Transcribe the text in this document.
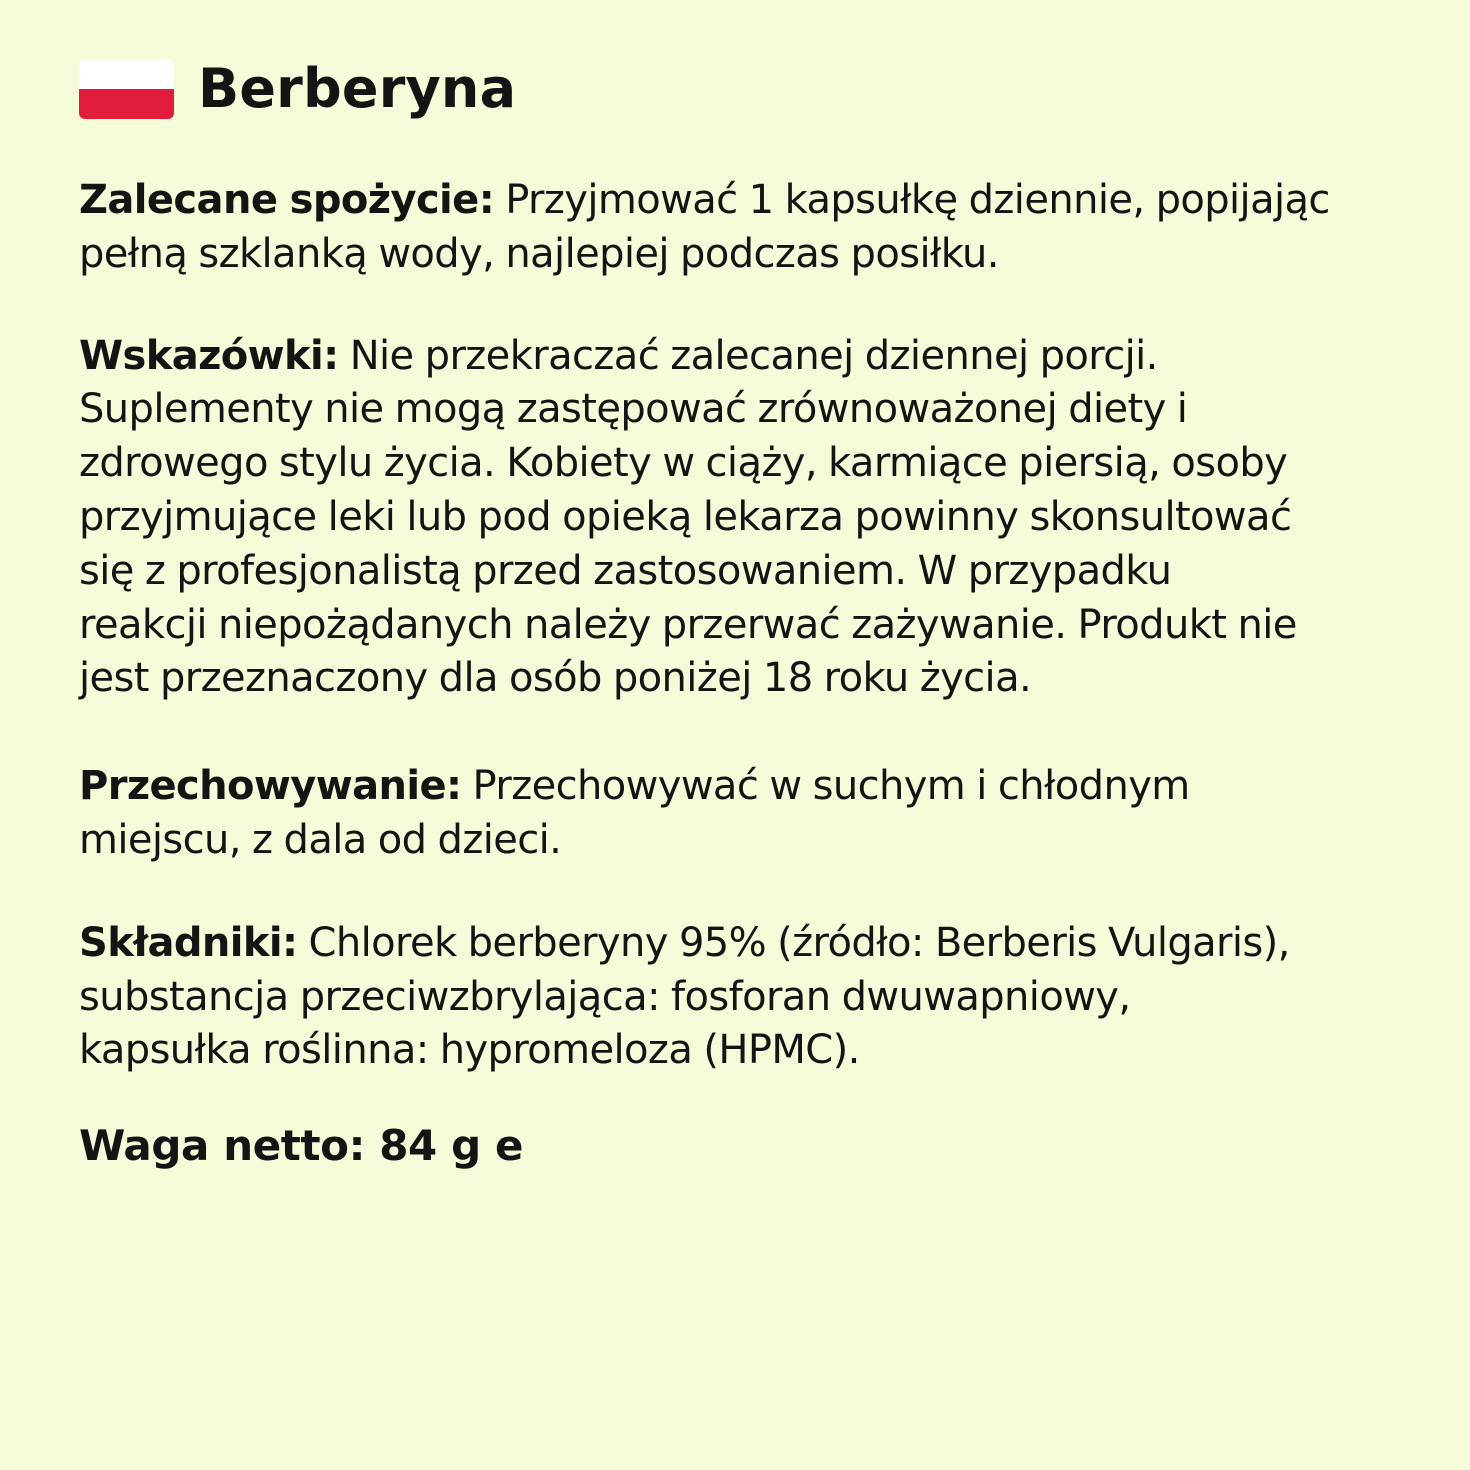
Berberyna

Zalecane spożycie: Przyjmować 1 kapsułkę dziennie, popijając
pełną szklanką wody, najlepiej podczas posiłku.

Wskazówki: Nie przekraczać zalecanej dziennej porcji.
Suplementy nie mogą zastępować zrównoważonej diety i
zdrowego stylu życia. Kobiety w ciąży, karmiące piersią, osoby
przyjmujące leki lub pod opieką lekarza powinny skonsultować
się z profesjonalistą przed zastosowaniem. W przypadku
reakcji niepożądanych należy przerwać zażywanie. Produkt nie
jest przeznaczony dla osób poniżej 18 roku życia.

Przechowywanie: Przechowywać w suchym i chłodnym
miejscu, z dala od dzieci.

Składniki: Chlorek berberyny 95% (źródło: Berberis Vulgaris),
substancja przeciwzbrylająca: fosforan dwuwapniowy,
kapsułka roślinna: hypromeloza (HPMC).

Waga netto: 84 g e
